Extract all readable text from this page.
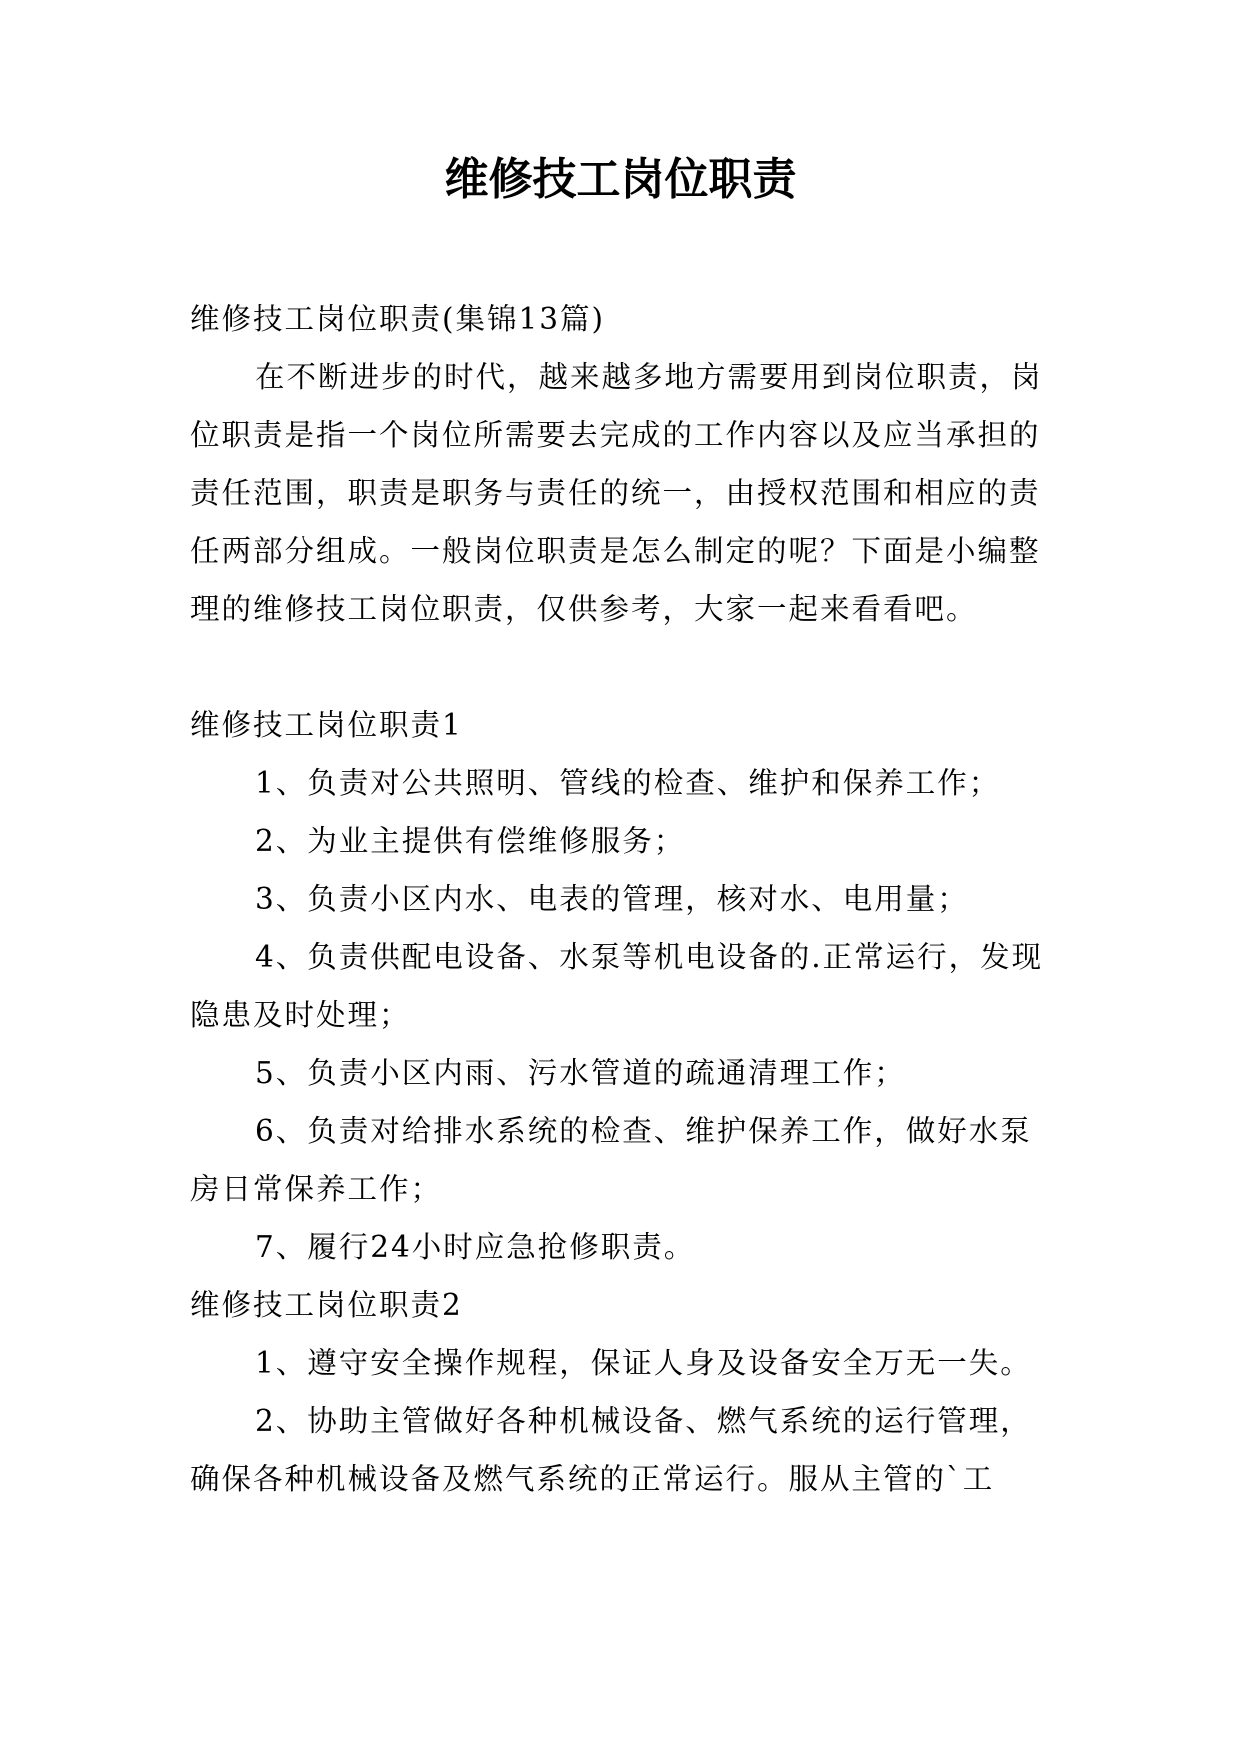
维修技工岗位职责

维修技工岗位职责(集锦13篇)

在不断进步的时代，越来越多地方需要用到岗位职责，岗位职责是指一个岗位所需要去完成的工作内容以及应当承担的责任范围，职责是职务与责任的统一，由授权范围和相应的责任两部分组成。一般岗位职责是怎么制定的呢？下面是小编整理的维修技工岗位职责，仅供参考，大家一起来看看吧。

维修技工岗位职责1

1、负责对公共照明、管线的检查、维护和保养工作；

2、为业主提供有偿维修服务；

3、负责小区内水、电表的管理，核对水、电用量；

4、负责供配电设备、水泵等机电设备的.正常运行，发现隐患及时处理；

5、负责小区内雨、污水管道的疏通清理工作；

6、负责对给排水系统的检查、维护保养工作，做好水泵房日常保养工作；

7、履行24小时应急抢修职责。

维修技工岗位职责2

1、遵守安全操作规程，保证人身及设备安全万无一失。

2、协助主管做好各种机械设备、燃气系统的运行管理，确保各种机械设备及燃气系统的正常运行。服从主管的`工
